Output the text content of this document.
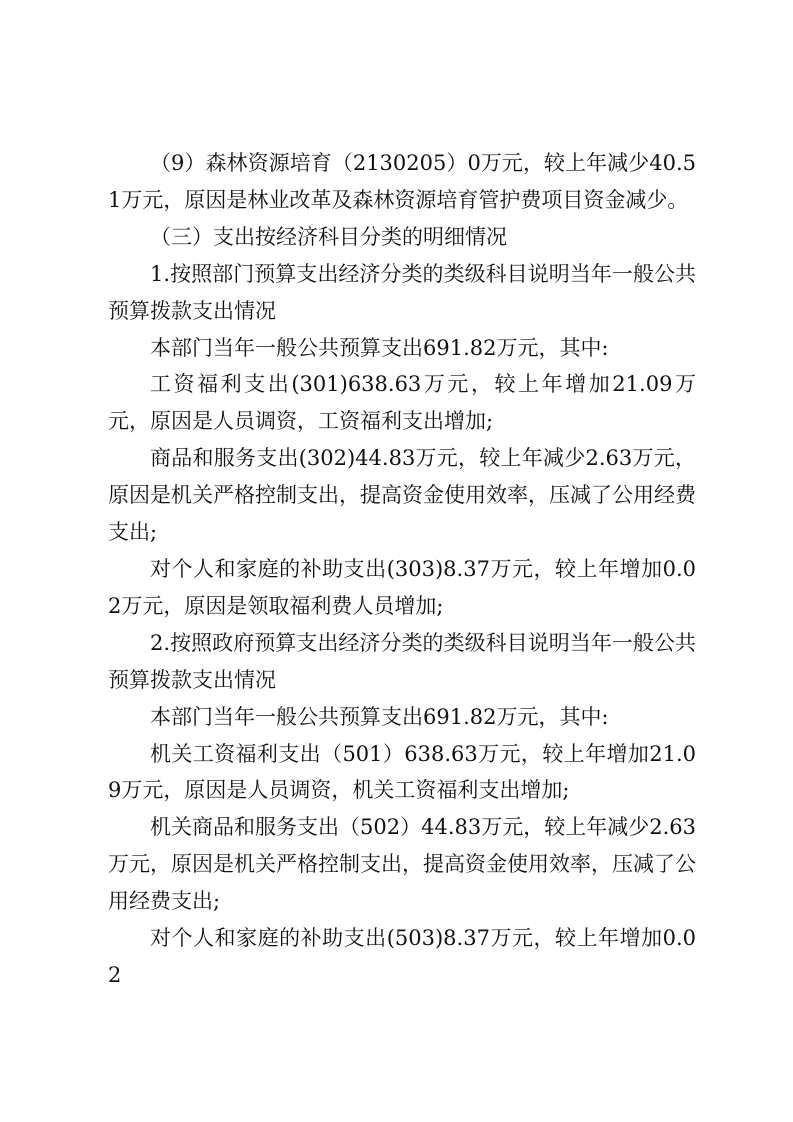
（9）森林资源培育（2130205）0万元，较上年减少40.51万元，原因是林业改革及森林资源培育管护费项目资金减少。

（三）支出按经济科目分类的明细情况

1.按照部门预算支出经济分类的类级科目说明当年一般公共预算拨款支出情况

本部门当年一般公共预算支出691.82万元，其中:

工资福利支出(301)638.63万元，较上年增加21.09万元，原因是人员调资，工资福利支出增加;

商品和服务支出(302)44.83万元，较上年减少2.63万元，原因是机关严格控制支出，提高资金使用效率，压减了公用经费支出;

对个人和家庭的补助支出(303)8.37万元，较上年增加0.02万元，原因是领取福利费人员增加;

2.按照政府预算支出经济分类的类级科目说明当年一般公共预算拨款支出情况

本部门当年一般公共预算支出691.82万元，其中:

机关工资福利支出（501）638.63万元，较上年增加21.09万元，原因是人员调资，机关工资福利支出增加;

机关商品和服务支出（502）44.83万元，较上年减少2.63万元，原因是机关严格控制支出，提高资金使用效率，压减了公用经费支出;

对个人和家庭的补助支出(503)8.37万元，较上年增加0.02
